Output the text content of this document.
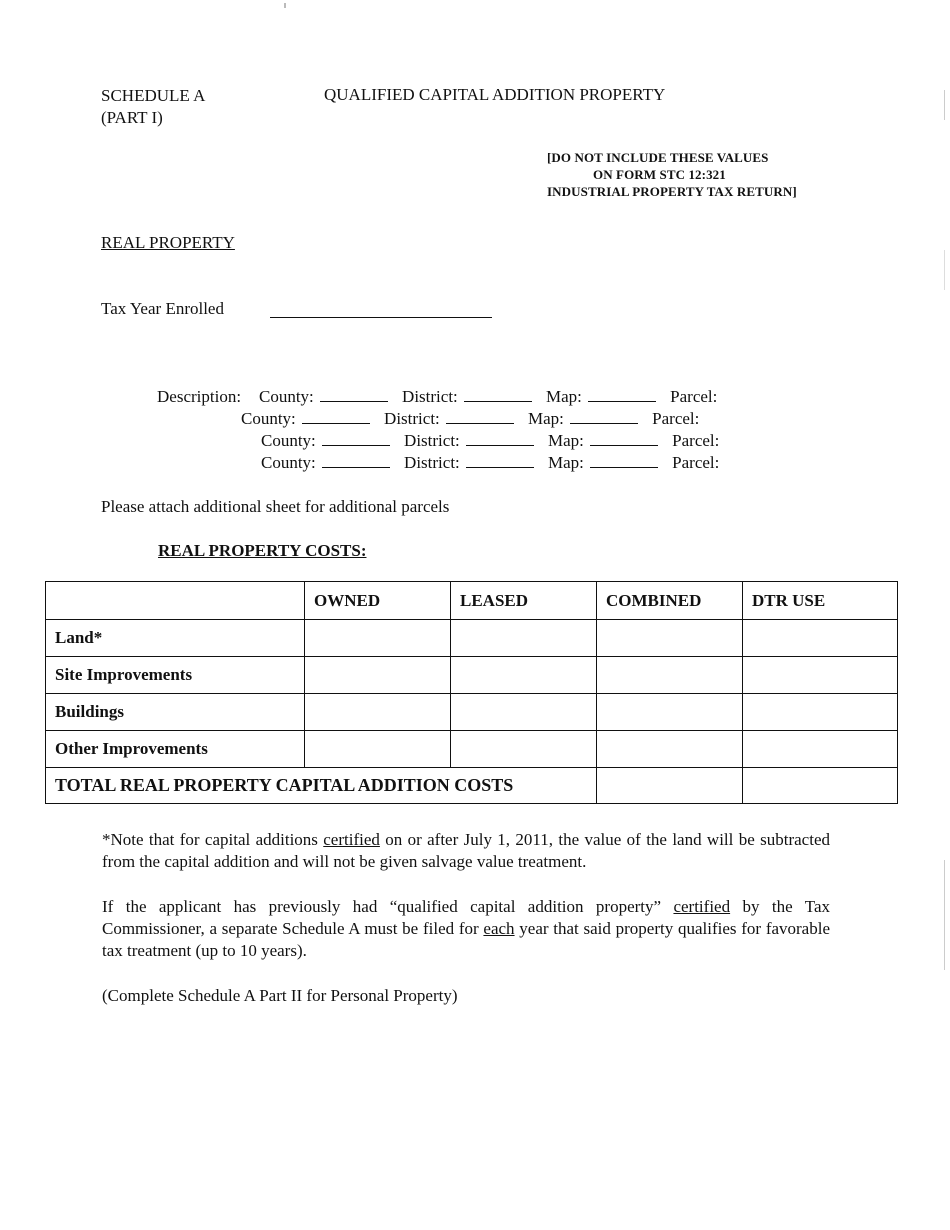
SCHEDULE A
(PART I)
QUALIFIED CAPITAL ADDITION PROPERTY
[DO NOT INCLUDE THESE VALUES
ON FORM STC 12:321
INDUSTRIAL PROPERTY TAX RETURN]
REAL PROPERTY
Tax Year Enrolled
Description: County:	District:	Map:	Parcel:
County:	District:	Map:	Parcel:
County:	District:	Map:	Parcel:
County:	District:	Map:	Parcel:
Please attach additional sheet for additional parcels
REAL PROPERTY COSTS:
	OWNED	LEASED	COMBINED	DTR USE
Land*				
Site Improvements				
Buildings				
Other Improvements				
TOTAL REAL PROPERTY CAPITAL ADDITION COSTS				
*Note that for capital additions certified on or after July 1, 2011, the value of the land will be subtracted from the capital addition and will not be given salvage value treatment.
If the applicant has previously had “qualified capital addition property” certified by the Tax Commissioner, a separate Schedule A must be filed for each year that said property qualifies for favorable tax treatment (up to 10 years).
(Complete Schedule A Part II for Personal Property)
